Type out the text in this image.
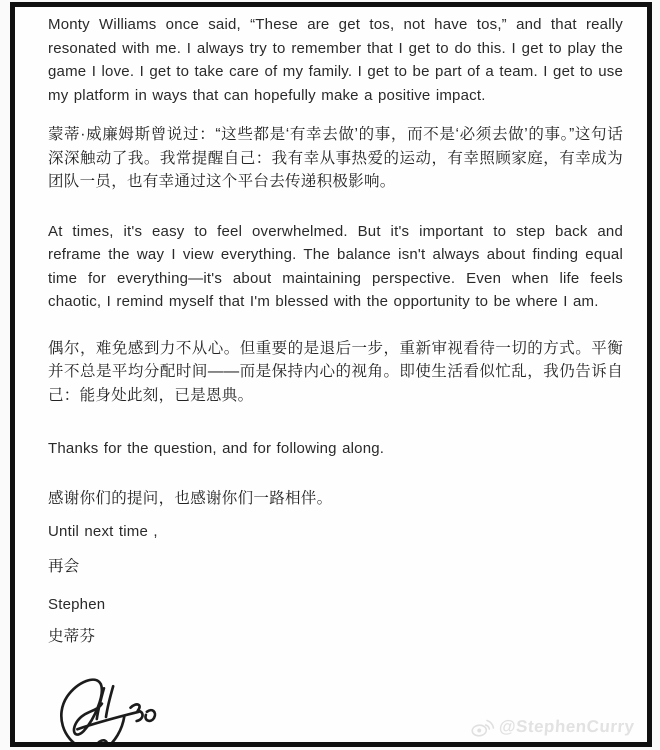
Monty Williams once said, “These are get tos, not have tos,” and that really resonated with me. I always try to remember that I get to do this. I get to play the game I love. I get to take care of my family. I get to be part of a team. I get to use my platform in ways that can hopefully make a positive impact.

蒙蒂·威廉姆斯曾说过：“这些都是‘有幸去做’的事，而不是‘必须去做’的事。”这句话深深触动了我。我常提醒自己：我有幸从事热爱的运动，有幸照顾家庭，有幸成为团队一员，也有幸通过这个平台去传递积极影响。

At times, it's easy to feel overwhelmed. But it's important to step back and reframe the way I view everything. The balance isn't always about finding equal time for everything—it's about maintaining perspective. Even when life feels chaotic, I remind myself that I'm blessed with the opportunity to be where I am.

偶尔，难免感到力不从心。但重要的是退后一步，重新审视看待一切的方式。平衡并不总是平均分配时间——而是保持内心的视角。即使生活看似忙乱，我仍告诉自己：能身处此刻，已是恩典。

Thanks for the question, and for following along.

感谢你们的提问，也感谢你们一路相伴。

Until next time ,

再会

Stephen

史蒂芬

@StephenCurry
